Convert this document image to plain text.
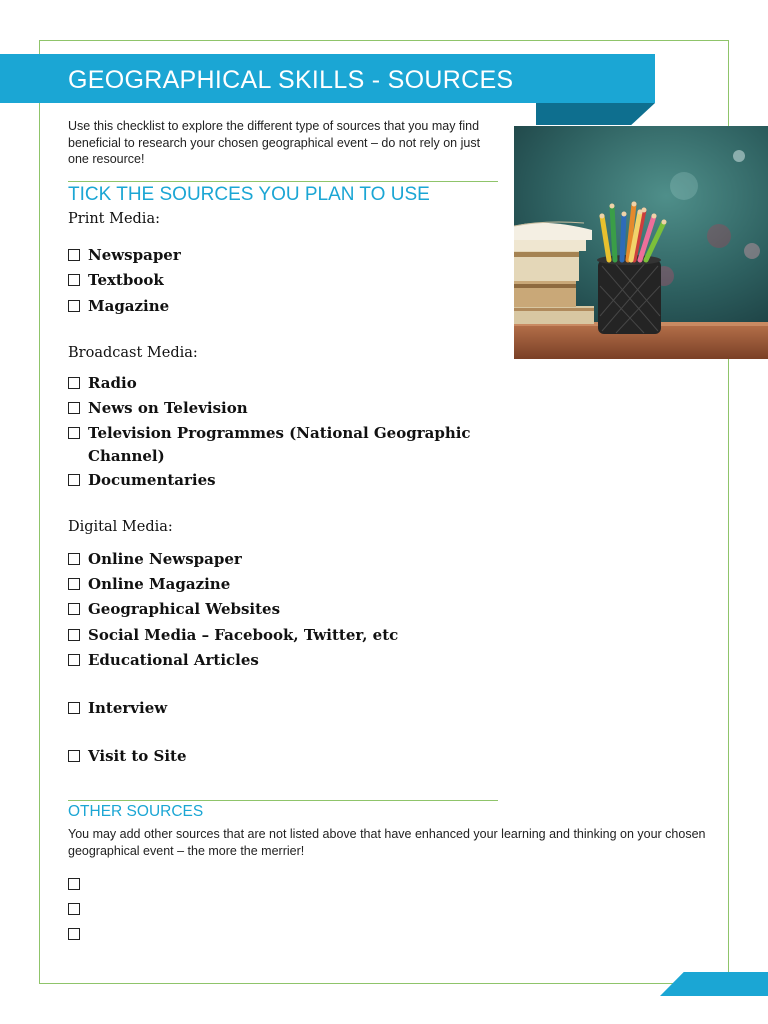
GEOGRAPHICAL SKILLS - SOURCES
Use this checklist to explore the different type of sources that you may find beneficial to research your chosen geographical event – do not rely on just one resource!
TICK THE SOURCES YOU PLAN TO USE
Print Media:
Newspaper
Textbook
Magazine
Broadcast Media:
Radio
News on Television
Television Programmes (National Geographic
Channel)
Documentaries
Digital Media:
Online Newspaper
Online Magazine
Geographical Websites
Social Media – Facebook, Twitter, etc
Educational Articles
Interview
Visit to Site
OTHER SOURCES
You may add other sources that are not listed above that have enhanced your learning and thinking on your chosen geographical event – the more the merrier!
